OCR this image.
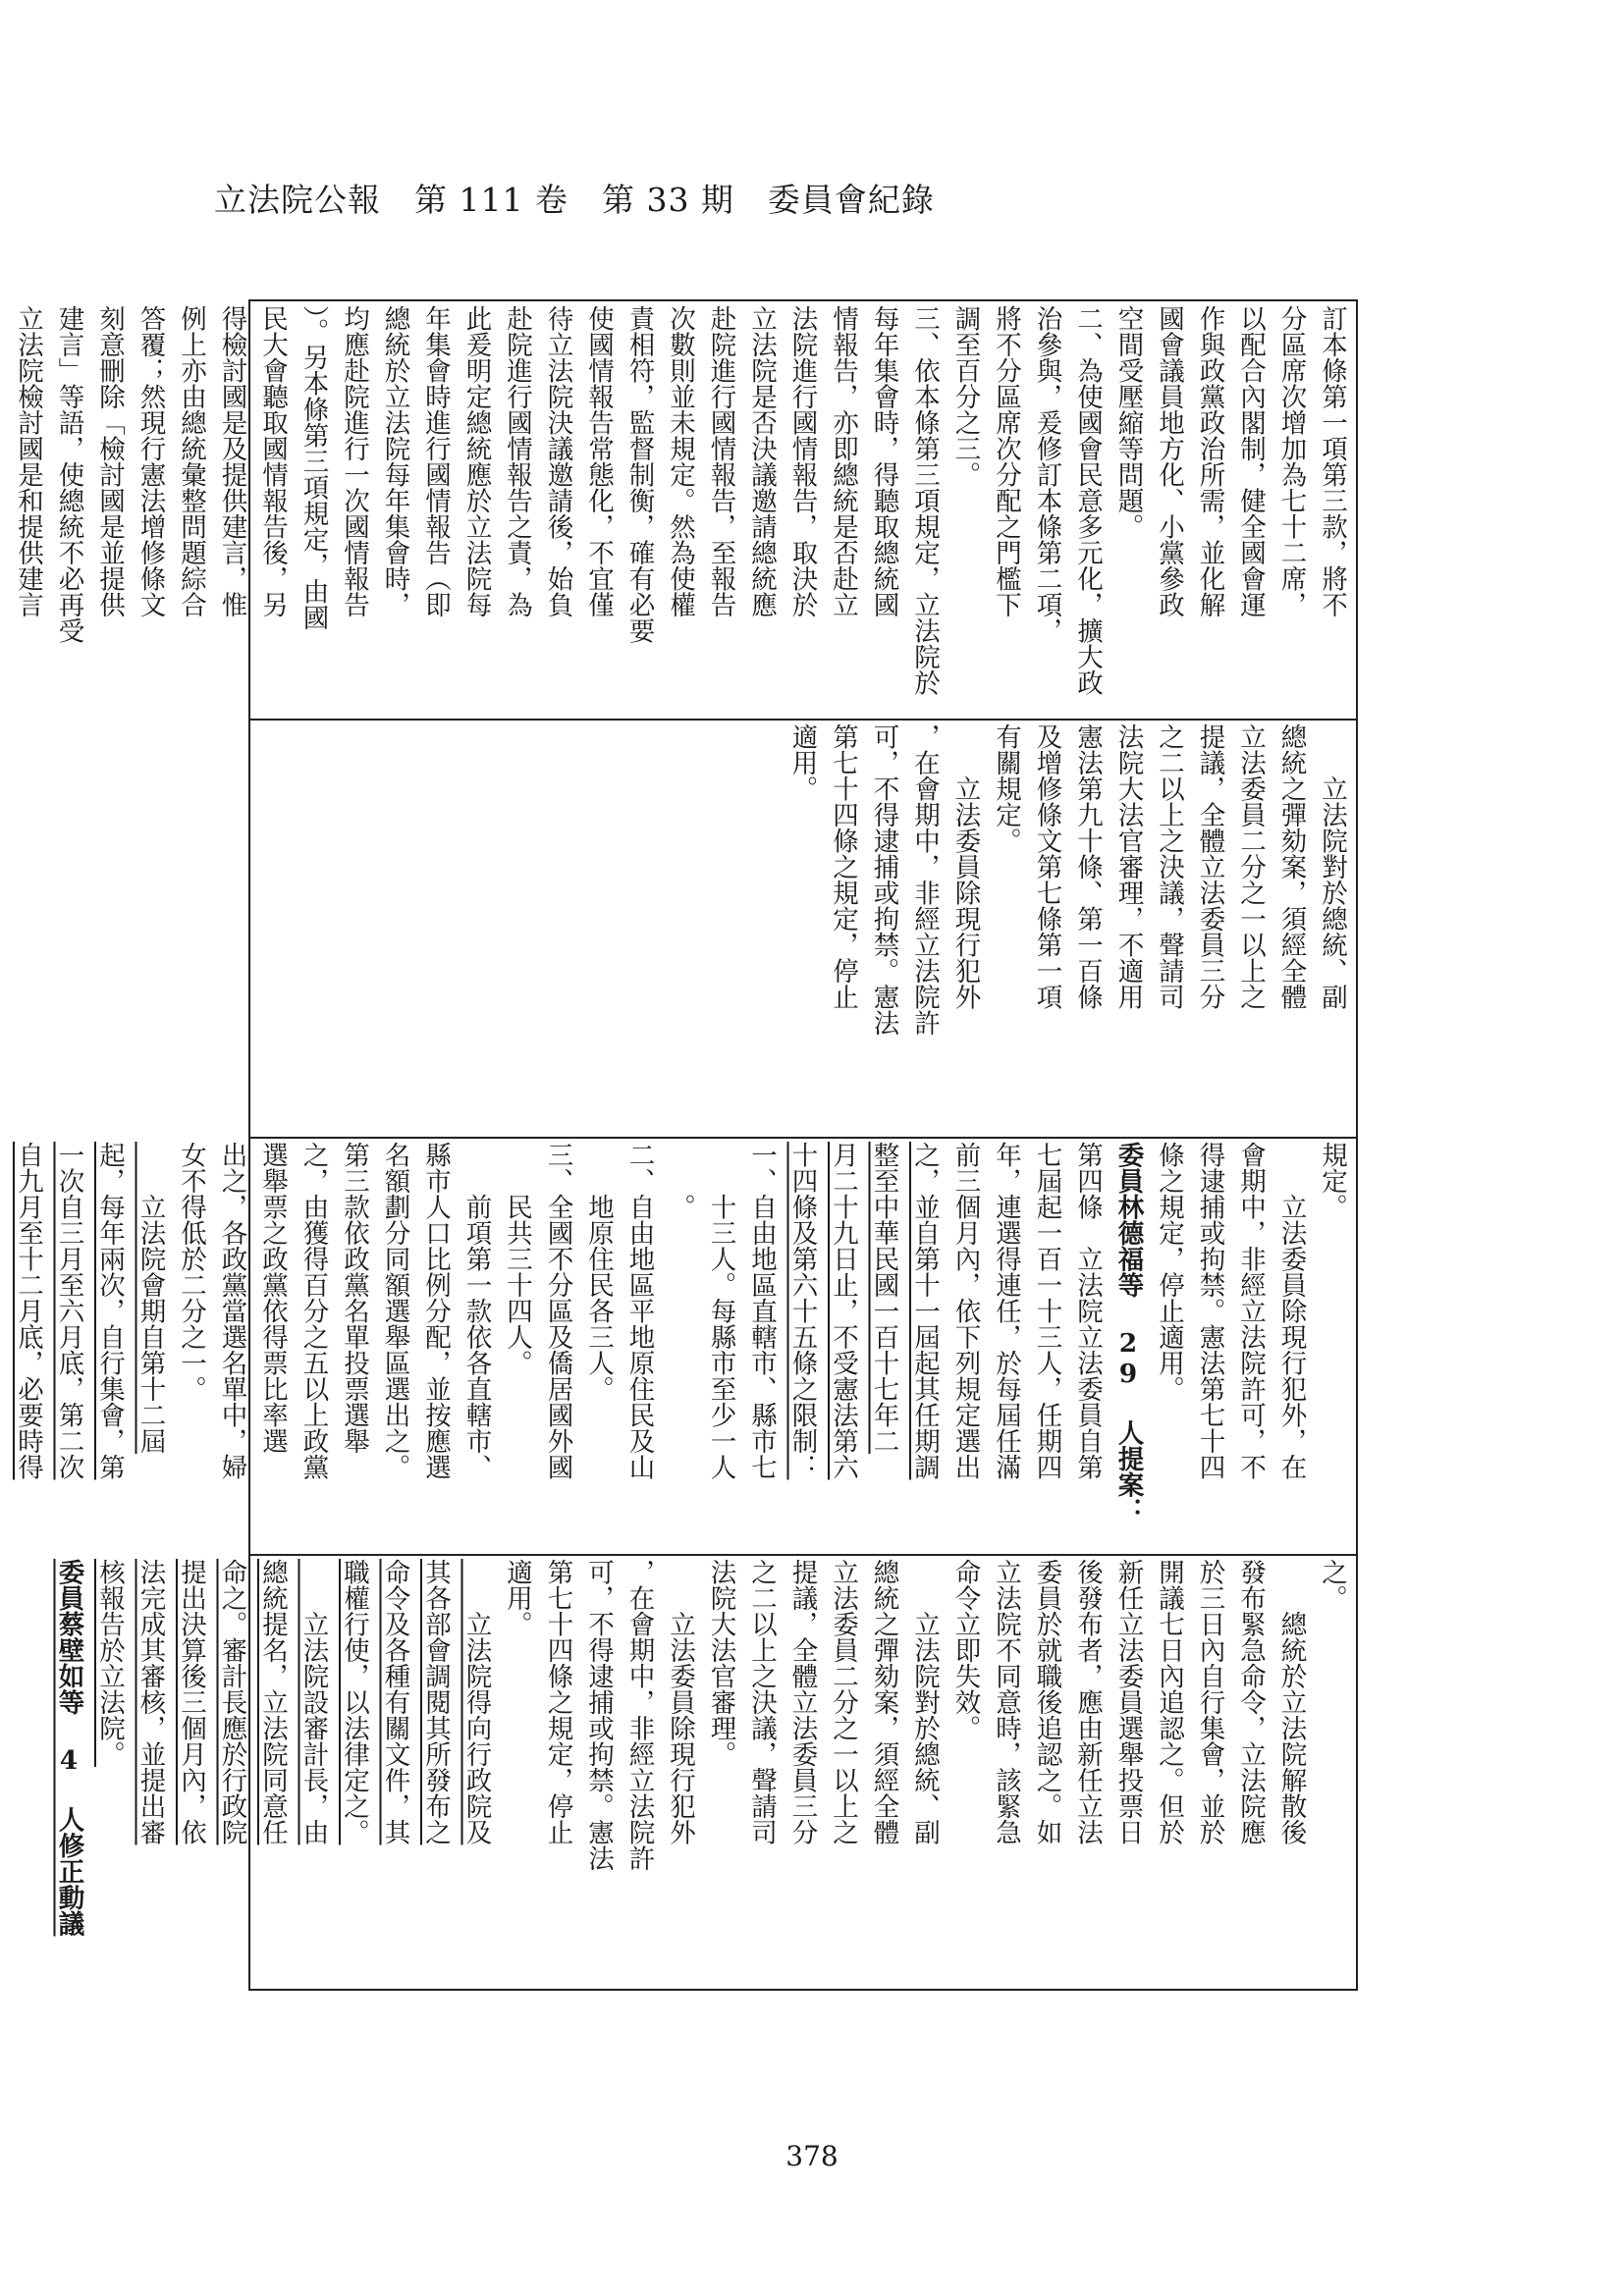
立法院公報　第 111 卷　第 33 期　委員會紀錄

訂本條第一項第三款，將不

分區席次增加為七十二席，

以配合內閣制，健全國會運

作與政黨政治所需，並化解

國會議員地方化、小黨參政

空間受壓縮等問題。

二、為使國會民意多元化，擴大政

治參與，爰修訂本條第二項，

將不分區席次分配之門檻下

調至百分之三。

三、依本條第三項規定，立法院於

每年集會時，得聽取總統國

情報告，亦即總統是否赴立

法院進行國情報告，取決於

立法院是否決議邀請總統應

赴院進行國情報告，至報告

次數則並未規定。然為使權

責相符，監督制衡，確有必要

使國情報告常態化，不宜僅

待立法院決議邀請後，始負

赴院進行國情報告之責，為

此爰明定總統應於立法院每

年集會時進行國情報告（即

總統於立法院每年集會時，

均應赴院進行一次國情報告

）。另本條第三項規定，由國

民大會聽取國情報告後，另

得檢討國是及提供建言，惟

例上亦由總統彙整問題綜合

答覆；然現行憲法增修條文

刻意刪除「檢討國是並提供

建言」等語，使總統不必再受

立法院檢討國是和提供建言

　　立法院對於總統、副

總統之彈劾案，須經全體

立法委員二分之一以上之

提議，全體立法委員三分

之二以上之決議，聲請司

法院大法官審理，不適用

憲法第九十條、第一百條

及增修條文第七條第一項

有關規定。

　　立法委員除現行犯外

，在會期中，非經立法院許

可，不得逮捕或拘禁。憲法

第七十四條之規定，停止

適用。

規定。

　　立法委員除現行犯外，在

會期中，非經立法院許可，不

得逮捕或拘禁。憲法第七十四

條之規定，停止適用。

委員林德福等 29 人提案：

第四條　立法院立法委員自第

七屆起一百一十三人，任期四

年，連選得連任，於每屆任滿

前三個月內，依下列規定選出

之，並自第十一屆起其任期調

整至中華民國一百十七年二

月二十九日止，不受憲法第六

十四條及第六十五條之限制：

一、自由地區直轄市、縣市七

　　十三人。每縣市至少一人

　　。

二、自由地區平地原住民及山

　　地原住民各三人。

三、全國不分區及僑居國外國

　　民共三十四人。

　　前項第一款依各直轄市、

縣市人口比例分配，並按應選

名額劃分同額選舉區選出之。

第三款依政黨名單投票選舉

之，由獲得百分之五以上政黨

選舉票之政黨依得票比率選

出之，各政黨當選名單中，婦

女不得低於二分之一。

　　立法院會期自第十二屆

起，每年兩次，自行集會，第

一次自三月至六月底，第二次

自九月至十二月底，必要時得

之。

　　總統於立法院解散後

發布緊急命令，立法院應

於三日內自行集會，並於

開議七日內追認之。但於

新任立法委員選舉投票日

後發布者，應由新任立法

委員於就職後追認之。如

立法院不同意時，該緊急

命令立即失效。

　　立法院對於總統、副

總統之彈劾案，須經全體

立法委員二分之一以上之

提議，全體立法委員三分

之二以上之決議，聲請司

法院大法官審理。

　　立法委員除現行犯外

，在會期中，非經立法院許

可，不得逮捕或拘禁。憲法

第七十四條之規定，停止

適用。

　　立法院得向行政院及

其各部會調閱其所發布之

命令及各種有關文件，其

職權行使，以法律定之。

　　立法院設審計長，由

總統提名，立法院同意任

命之。審計長應於行政院

提出決算後三個月內，依

法完成其審核，並提出審

核報告於立法院。

委員蔡壁如等 4 人修正動議

378
